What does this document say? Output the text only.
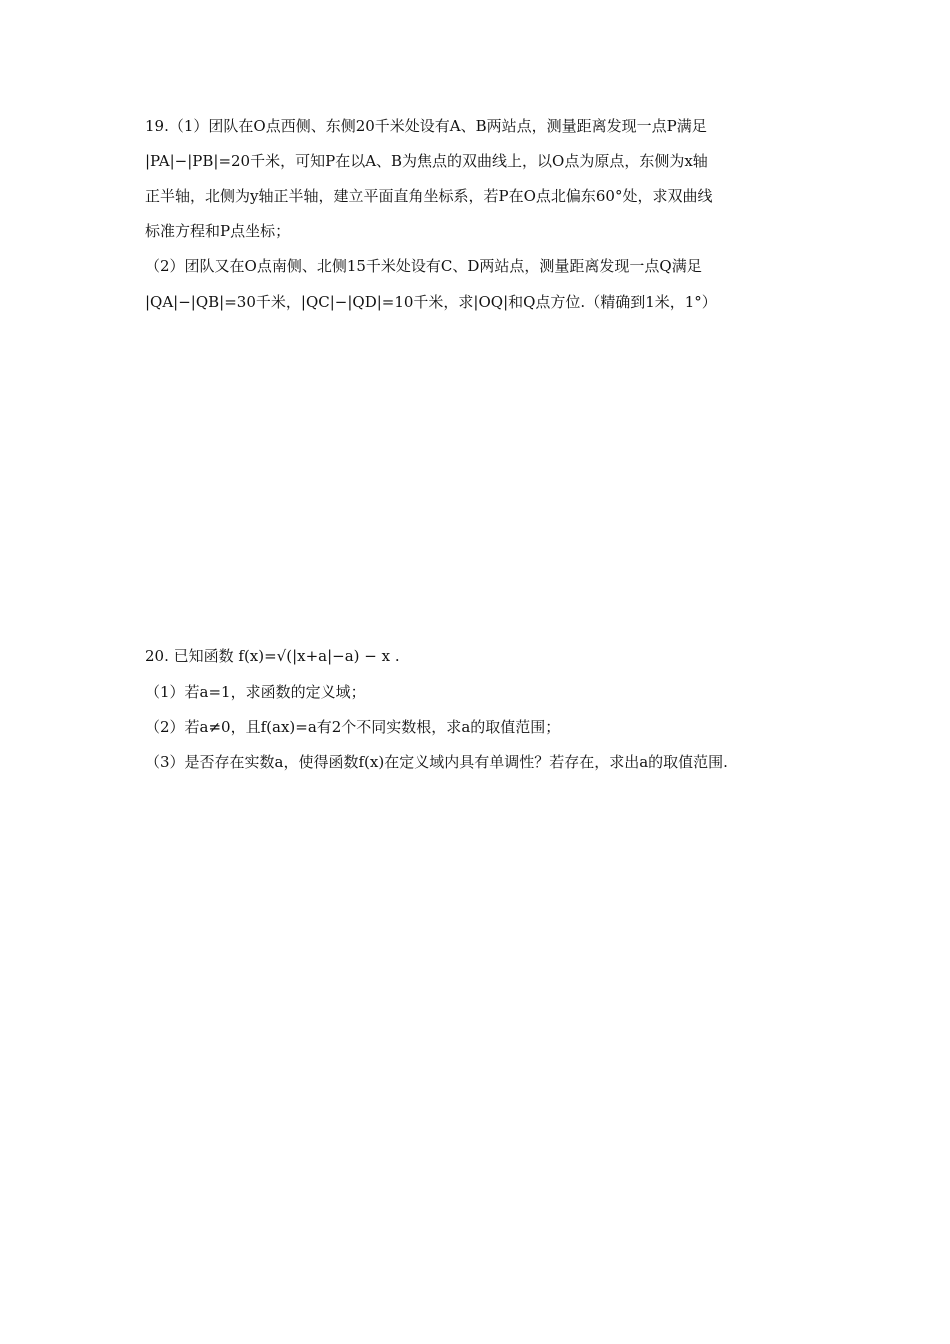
19.（1）团队在O点西侧、东侧20千米处设有A、B两站点，测量距离发现一点P满足
|PA|−|PB|=20千米，可知P在以A、B为焦点的双曲线上，以O点为原点，东侧为x轴
正半轴，北侧为y轴正半轴，建立平面直角坐标系，若P在O点北偏东60°处，求双曲线
标准方程和P点坐标；
（2）团队又在O点南侧、北侧15千米处设有C、D两站点，测量距离发现一点Q满足
|QA|−|QB|=30千米，|QC|−|QD|=10千米，求|OQ|和Q点方位.（精确到1米，1°）
20. 已知函数 f(x)=√(|x+a|−a) − x .
（1）若a=1，求函数的定义域；
（2）若a≠0，且f(ax)=a有2个不同实数根，求a的取值范围；
（3）是否存在实数a，使得函数f(x)在定义域内具有单调性？若存在，求出a的取值范围.
